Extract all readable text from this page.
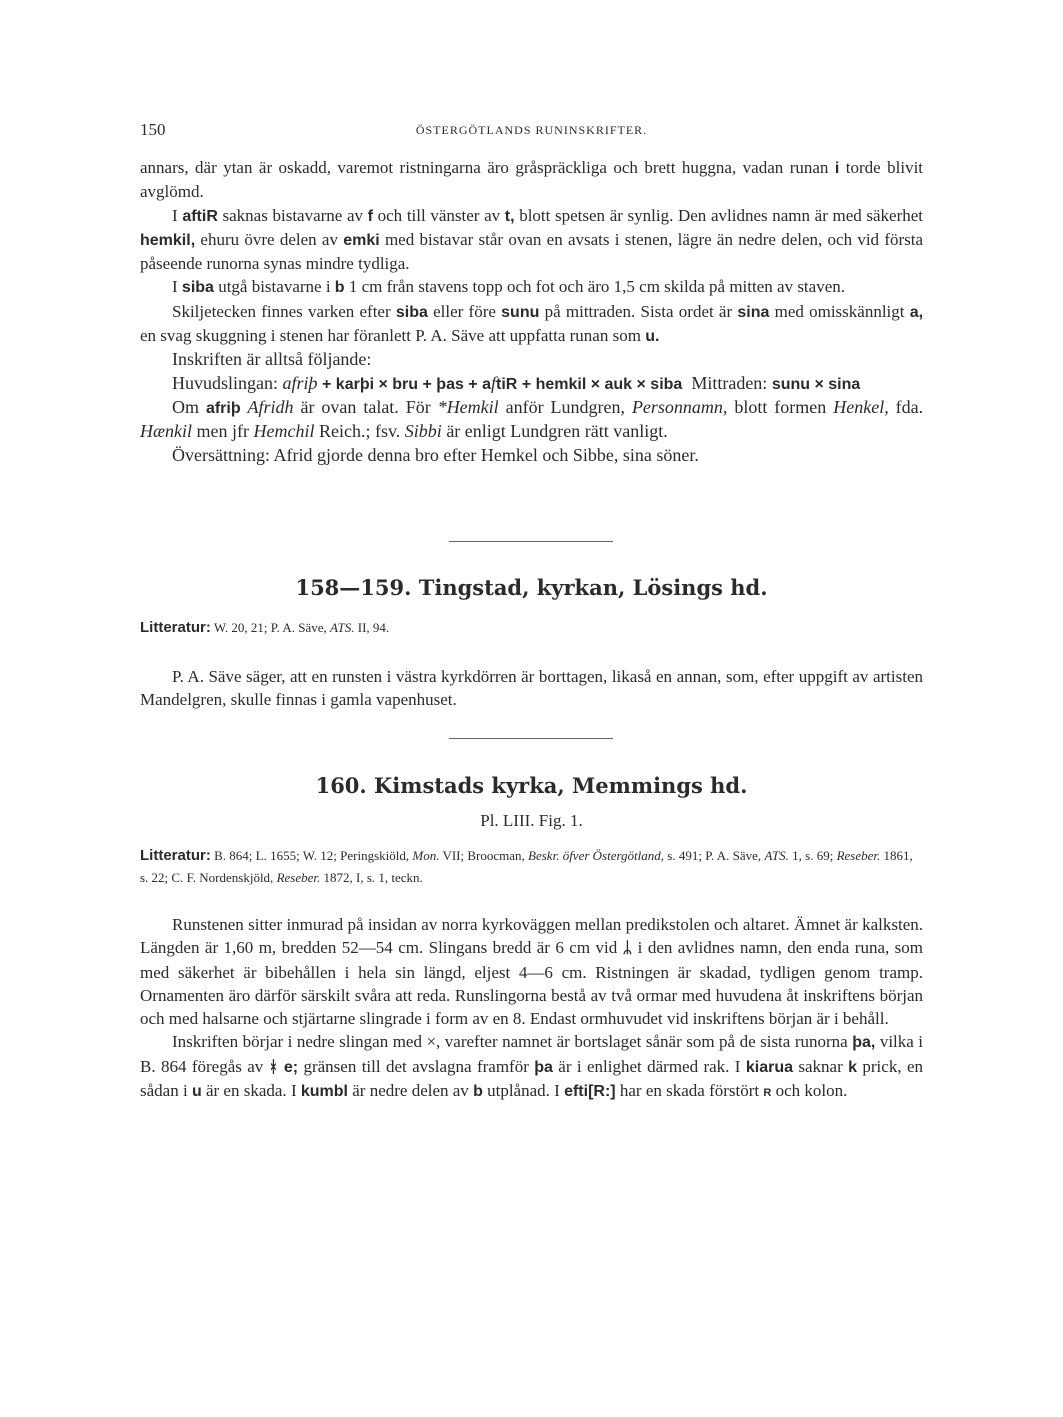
150	ÖSTERGÖTLANDS RUNINSKRIFTER.

annars, där ytan är oskadd, varemot ristningarna äro gråspräckliga och brett huggna, vadan runan i torde blivit avglömd.

I aftiR saknas bistavarne av f och till vänster av t, blott spetsen är synlig. Den avlidnes namn är med säkerhet hemkil, ehuru övre delen av emki med bistavar står ovan en avsats i stenen, lägre än nedre delen, och vid första påseende runorna synas mindre tydliga.

I siba utgå bistavarne i b 1 cm från stavens topp och fot och äro 1,5 cm skilda på mitten av staven.

Skiljetecken finnes varken efter siba eller före sunu på mittraden. Sista ordet är sina med omisskännligt a, en svag skuggning i stenen har föranlett P. A. Säve att uppfatta runan som u.

Inskriften är alltså följande:

Huvudslingan: afriþ + karþi × bru + þas + aftiR + hemkil × auk × siba Mittraden: sunu × sina

Om afriþ Afridh är ovan talat. För *Hemkil anför Lundgren, Personnamn, blott formen Henkel, fda. Hænkil men jfr Hemchil Reich.; fsv. Sibbi är enligt Lundgren rätt vanligt.

Översättning: Afrid gjorde denna bro efter Hemkel och Sibbe, sina söner.

158—159. Tingstad, kyrkan, Lösings hd.
Litteratur: W. 20, 21; P. A. Säve, ATS. II, 94.

P. A. Säve säger, att en runsten i västra kyrkdörren är borttagen, likaså en annan, som, efter uppgift av artisten Mandelgren, skulle finnas i gamla vapenhuset.

160. Kimstads kyrka, Memmings hd.
Pl. LIII. Fig. 1.
Litteratur: B. 864; L. 1655; W. 12; Peringskiöld, Mon. VII; Broocman, Beskr. öfver Östergötland, s. 491; P. A. Säve, ATS. 1, s. 69; Reseber. 1861, s. 22; C. F. Nordenskjöld, Reseber. 1872, I, s. 1, teckn.

Runstenen sitter inmurad på insidan av norra kyrkoväggen mellan predikstolen och altaret. Ämnet är kalksten. Längden är 1,60 m, bredden 52—54 cm. Slingans bredd är 6 cm vid ᛦ i den avlidnes namn, den enda runa, som med säkerhet är bibehållen i hela sin längd, eljest 4—6 cm. Ristningen är skadad, tydligen genom tramp. Ornamenten äro därför särskilt svåra att reda. Runslingorna bestå av två ormar med huvudena åt inskriftens början och med halsarne och stjärtarne slingrade i form av en 8. Endast ormhuvudet vid inskriftens början är i behåll.

Inskriften börjar i nedre slingan med ×, varefter namnet är bortslaget sånär som på de sista runorna þa, vilka i B. 864 föregås av ᚼ e; gränsen till det avslagna framför þa är i enlighet därmed rak. I kiarua saknar k prick, en sådan i u är en skada. I kumbl är nedre delen av b utplånad. I efti[R:] har en skada förstört R och kolon.
